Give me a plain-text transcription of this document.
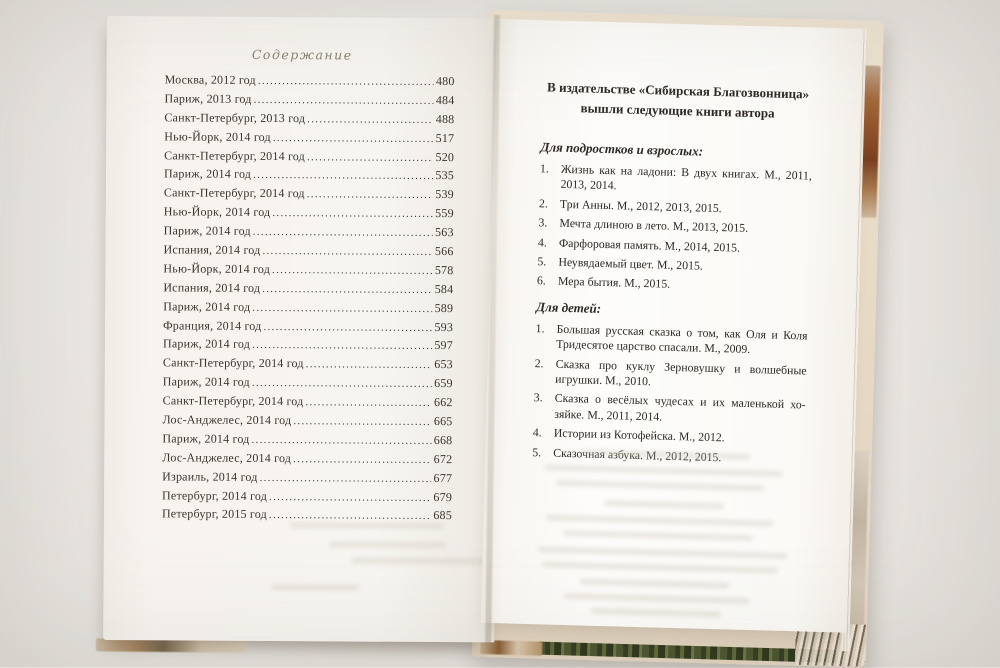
Содержание
Москва, 2012 год .....	480
Париж, 2013 год .....	484
Санкт-Петербург, 2013 год .....	488
Нью-Йорк, 2014 год .....	517
Санкт-Петербург, 2014 год .....	520
Париж, 2014 год .....	535
Санкт-Петербург, 2014 год .....	539
Нью-Йорк, 2014 год .....	559
Париж, 2014 год .....	563
Испания, 2014 год .....	566
Нью-Йорк, 2014 год .....	578
Испания, 2014 год .....	584
Париж, 2014 год .....	589
Франция, 2014 год .....	593
Париж, 2014 год .....	597
Санкт-Петербург, 2014 год .....	653
Париж, 2014 год .....	659
Санкт-Петербург, 2014 год .....	662
Лос-Анджелес, 2014 год .....	665
Париж, 2014 год .....	668
Лос-Анджелес, 2014 год .....	672
Израиль, 2014 год .....	677
Петербург, 2014 год .....	679
Петербург, 2015 год .....	685
В издательстве «Сибирская Благозвонница»
вышли следующие книги автора
Для подростков и взрослых:
1. Жизнь как на ладони: В двух книгах. М., 2011, 2013, 2014.
2. Три Анны. М., 2012, 2013, 2015.
3. Мечта длиною в лето. М., 2013, 2015.
4. Фарфоровая память. М., 2014, 2015.
5. Неувядаемый цвет. М., 2015.
6. Мера бытия. М., 2015.
Для детей:
1. Большая русская сказка о том, как Оля и Коля Тридесятое царство спасали. М., 2009.
2. Сказка про куклу Зерновушку и волшебные игрушки. М., 2010.
3. Сказка о весёлых чудесах и их маленькой хозяйке. М., 2011, 2014.
4. Истории из Котофейска. М., 2012.
5. Сказочная азбука. М., 2012, 2015.
